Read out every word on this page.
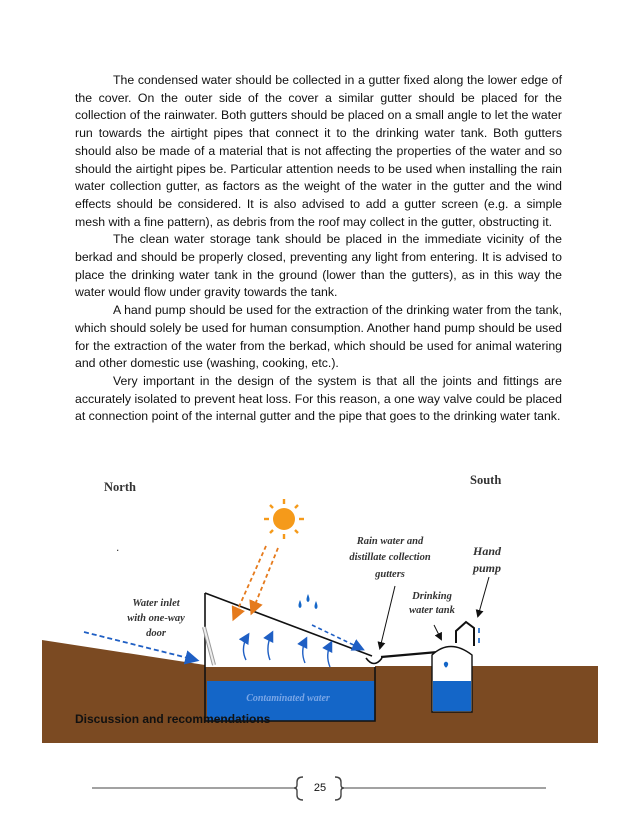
The condensed water should be collected in a gutter fixed along the lower edge of the cover. On the outer side of the cover a similar gutter should be placed for the collection of the rainwater. Both gutters should be placed on a small angle to let the water run towards the airtight pipes that connect it to the drinking water tank. Both gutters should also be made of a material that is not affecting the properties of the water and so should the airtight pipes be. Particular attention needs to be used when installing the rain water collection gutter, as factors as the weight of the water in the gutter and the wind effects should be considered. It is also advised to add a gutter screen (e.g. a simple mesh with a fine pattern), as debris from the roof may collect in the gutter, obstructing it.

The clean water storage tank should be placed in the immediate vicinity of the berkad and should be properly closed, preventing any light from entering. It is advised to place the drinking water tank in the ground (lower than the gutters), as in this way the water would flow under gravity towards the tank.

A hand pump should be used for the extraction of the drinking water from the tank, which should solely be used for human consumption. Another hand pump should be used for the extraction of the water from the berkad, which should be used for animal watering and other domestic use (washing, cooking, etc.).

Very important in the design of the system is that all the joints and fittings are accurately isolated to prevent heat loss. For this reason, a one way valve could be placed at connection point of the internal gutter and the pipe that goes to the drinking water tank.

Contaminated water
North	South
.
Water inlet
with one-way
door
Rain water and
distillate collection
gutters
Drinking
water tank
Hand
pump
Discussion and recommendations
25
